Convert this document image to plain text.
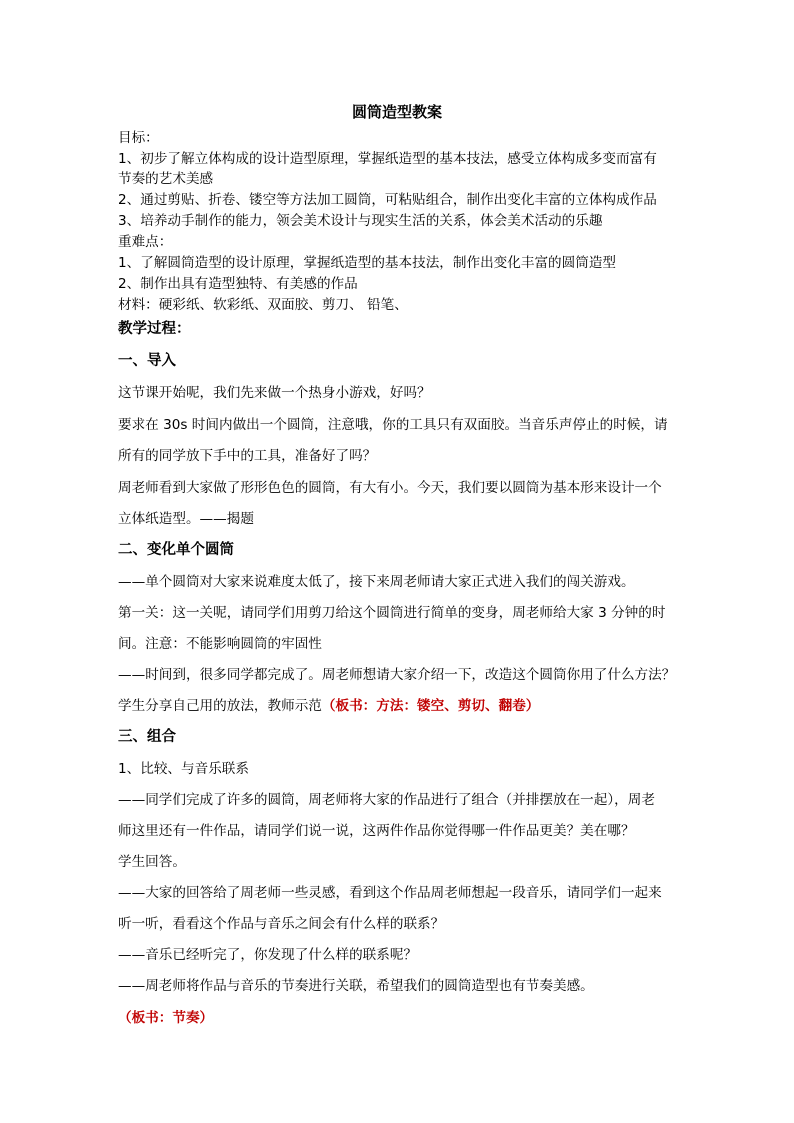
圆筒造型教案
目标：
1、初步了解立体构成的设计造型原理，掌握纸造型的基本技法，感受立体构成多变而富有
节奏的艺术美感
2、通过剪贴、折卷、镂空等方法加工圆筒，可粘贴组合，制作出变化丰富的立体构成作品
3、培养动手制作的能力，领会美术设计与现实生活的关系，体会美术活动的乐趣
重难点：
1、了解圆筒造型的设计原理，掌握纸造型的基本技法，制作出变化丰富的圆筒造型
2、制作出具有造型独特、有美感的作品
材料：硬彩纸、软彩纸、双面胶、剪刀、 铅笔、
教学过程：
一、导入
这节课开始呢，我们先来做一个热身小游戏，好吗？
要求在 30s 时间内做出一个圆筒，注意哦，你的工具只有双面胶。当音乐声停止的时候，请
所有的同学放下手中的工具，准备好了吗？
周老师看到大家做了形形色色的圆筒，有大有小。今天，我们要以圆筒为基本形来设计一个
立体纸造型。——揭题
二、变化单个圆筒
——单个圆筒对大家来说难度太低了，接下来周老师请大家正式进入我们的闯关游戏。
第一关：这一关呢，请同学们用剪刀给这个圆筒进行简单的变身，周老师给大家 3 分钟的时
间。注意：不能影响圆筒的牢固性
——时间到，很多同学都完成了。周老师想请大家介绍一下，改造这个圆筒你用了什么方法？
学生分享自己用的放法，教师示范（板书：方法：镂空、剪切、翻卷）
三、组合
1、比较、与音乐联系
——同学们完成了许多的圆筒，周老师将大家的作品进行了组合（并排摆放在一起），周老
师这里还有一件作品，请同学们说一说，这两件作品你觉得哪一件作品更美？美在哪？
学生回答。
——大家的回答给了周老师一些灵感，看到这个作品周老师想起一段音乐，请同学们一起来
听一听，看看这个作品与音乐之间会有什么样的联系？
——音乐已经听完了，你发现了什么样的联系呢？
——周老师将作品与音乐的节奏进行关联，希望我们的圆筒造型也有节奏美感。
（板书：节奏）
